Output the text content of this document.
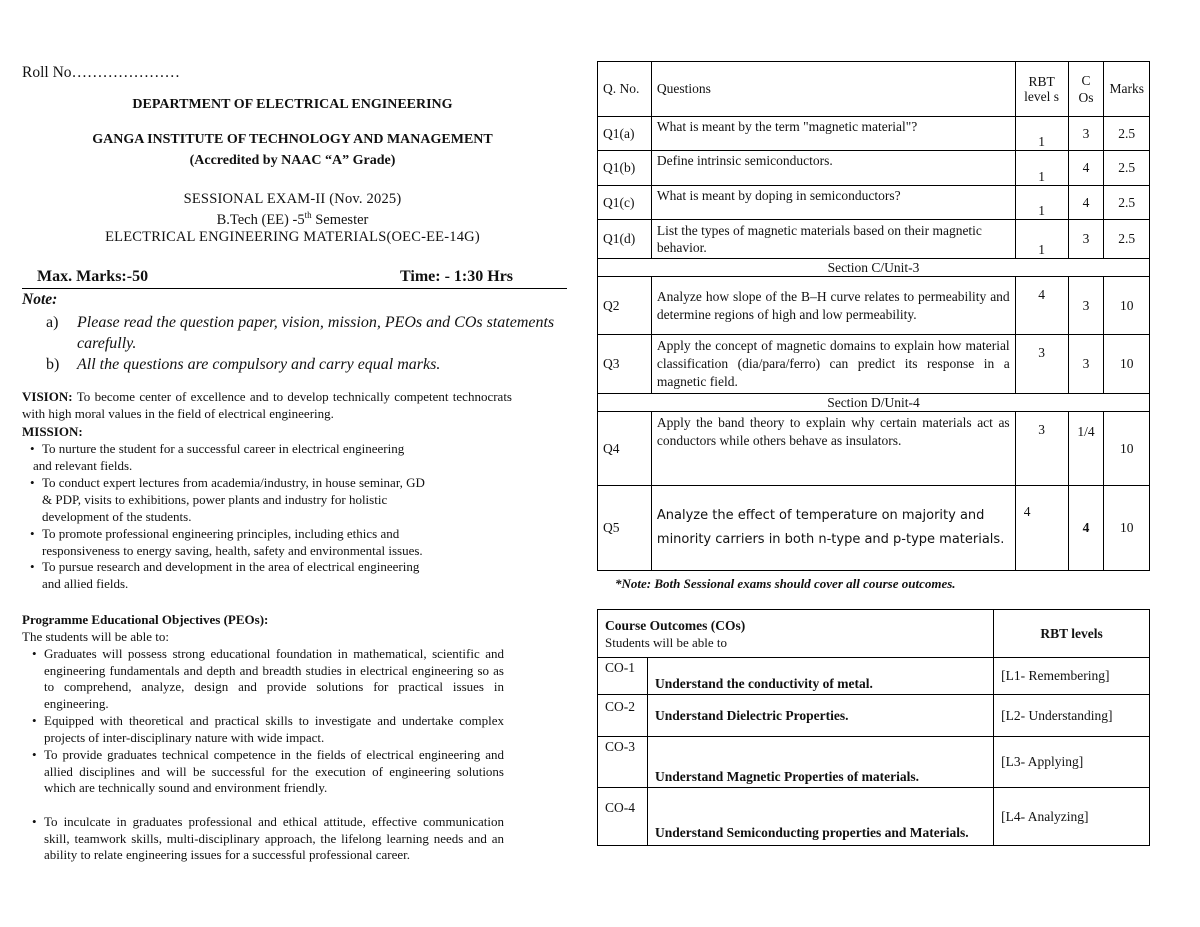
Roll No…………………
DEPARTMENT OF ELECTRICAL ENGINEERING
GANGA INSTITUTE OF TECHNOLOGY AND MANAGEMENT
(Accredited by NAAC “A” Grade)
SESSIONAL EXAM-II (Nov. 2025)
B.Tech (EE) -5th Semester
ELECTRICAL ENGINEERING MATERIALS(OEC-EE-14G)
Max. Marks:-50	Time: - 1:30 Hrs
Note:
a) Please read the question paper, vision, mission, PEOs and COs statements carefully.
b) All the questions are compulsory and carry equal marks.
VISION: To become center of excellence and to develop technically competent technocrats with high moral values in the field of electrical engineering.
MISSION:
• To nurture the student for a successful career in electrical engineering
and relevant fields.
• To conduct expert lectures from academia/industry, in house seminar, GD
& PDP, visits to exhibitions, power plants and industry for holistic
development of the students.
• To promote professional engineering principles, including ethics and
responsiveness to energy saving, health, safety and environmental issues.
• To pursue research and development in the area of electrical engineering
and allied fields.
Programme Educational Objectives (PEOs):
The students will be able to:
• Graduates will possess strong educational foundation in mathematical, scientific and engineering fundamentals and depth and breadth studies in electrical engineering so as to comprehend, analyze, design and provide solutions for practical issues in engineering.
• Equipped with theoretical and practical skills to investigate and undertake complex projects of inter-disciplinary nature with wide impact.
• To provide graduates technical competence in the fields of electrical engineering and allied disciplines and will be successful for the execution of engineering solutions which are technically sound and environment friendly.
• To inculcate in graduates professional and ethical attitude, effective communication skill, teamwork skills, multi-disciplinary approach, the lifelong learning needs and an ability to relate engineering issues for a successful professional career.
Q. No.	Questions	RBT level s	C Os	Marks
Q1(a)	What is meant by the term "magnetic material"?	1	3	2.5
Q1(b)	Define intrinsic semiconductors.	1	4	2.5
Q1(c)	What is meant by doping in semiconductors?	1	4	2.5
Q1(d)	List the types of magnetic materials based on their magnetic behavior.	1	3	2.5
Section C/Unit-3				
Q2	Analyze how slope of the B–H curve relates to permeability and determine regions of high and low permeability.	4	3	10
Q3	Apply the concept of magnetic domains to explain how material classification (dia/para/ferro) can predict its response in a magnetic field.	3	3	10
Section D/Unit-4				
Q4	Apply the band theory to explain why certain materials act as conductors while others behave as insulators.	3	1/4	10
Q5	Analyze the effect of temperature on majority and minority carriers in both n-type and p-type materials.	4	4	10
*Note: Both Sessional exams should cover all course outcomes.
Course Outcomes (COs)
Students will be able to		RBT levels
CO-1	Understand the conductivity of metal.	[L1- Remembering]
CO-2	Understand Dielectric Properties.	[L2- Understanding]
CO-3	Understand Magnetic Properties of materials.	[L3- Applying]
CO-4	Understand Semiconducting properties and Materials.	[L4- Analyzing]
